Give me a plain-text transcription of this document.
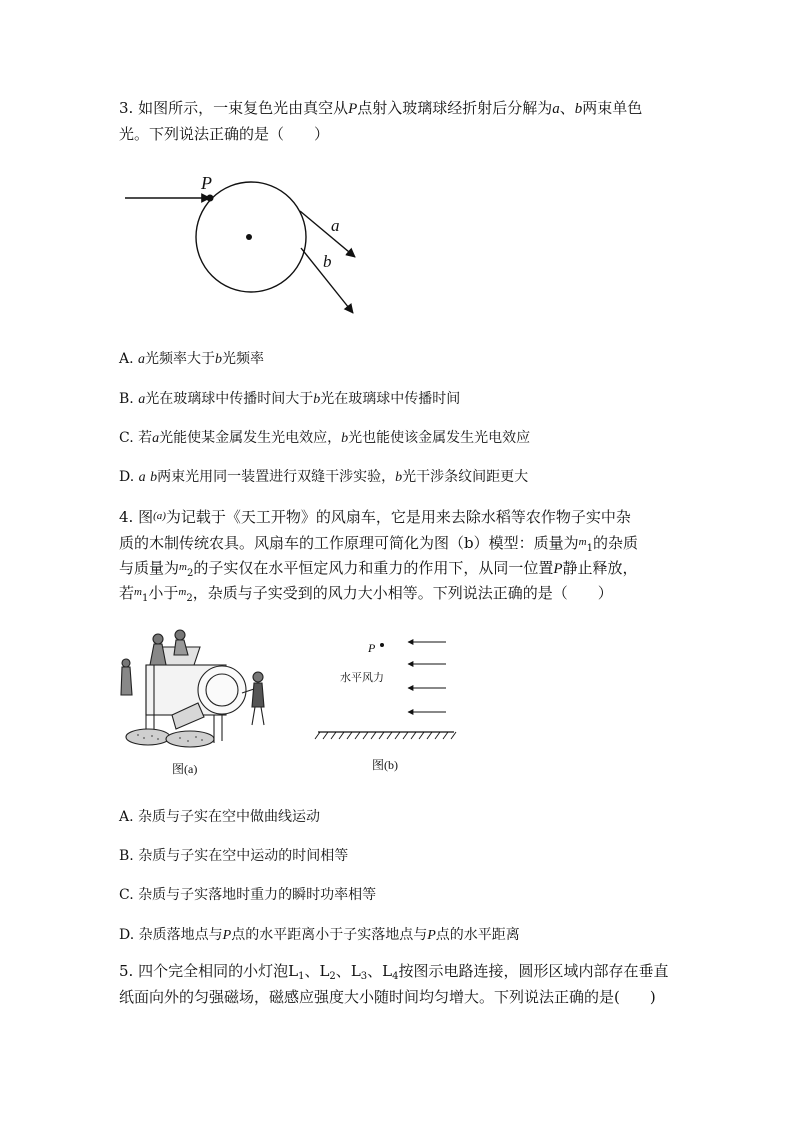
3. 如图所示，一束复色光由真空从P点射入玻璃球经折射后分解为a、b两束单色
光。下列说法正确的是（　　）
P
a
b
A. a光频率大于b光频率
B. a光在玻璃球中传播时间大于b光在玻璃球中传播时间
C. 若a光能使某金属发生光电效应，b光也能使该金属发生光电效应
D. a b两束光用同一装置进行双缝干涉实验，b光干涉条纹间距更大
4. 图$^{(a)}$为记载于《天工开物》的风扇车，它是用来去除水稻等农作物子实中杂
质的木制传统农具。风扇车的工作原理可简化为图（b）模型：质量为$^m_1$的杂质
与质量为$^m_2$的子实仅在水平恒定风力和重力的作用下，从同一位置P静止释放，
若$^m_1$小于$^m_2$，杂质与子实受到的风力大小相等。下列说法正确的是（　　）
图(a)
P
水平风力
图(b)
A. 杂质与子实在空中做曲线运动
B. 杂质与子实在空中运动的时间相等
C. 杂质与子实落地时重力的瞬时功率相等
D. 杂质落地点与P点的水平距离小于子实落地点与P点的水平距离
5. 四个完全相同的小灯泡$L_1$、$L_2$、$L_3$、$L_4$按图示电路连接，圆形区域内部存在垂直
纸面向外的匀强磁场，磁感应强度大小随时间均匀增大。下列说法正确的是(　　)
